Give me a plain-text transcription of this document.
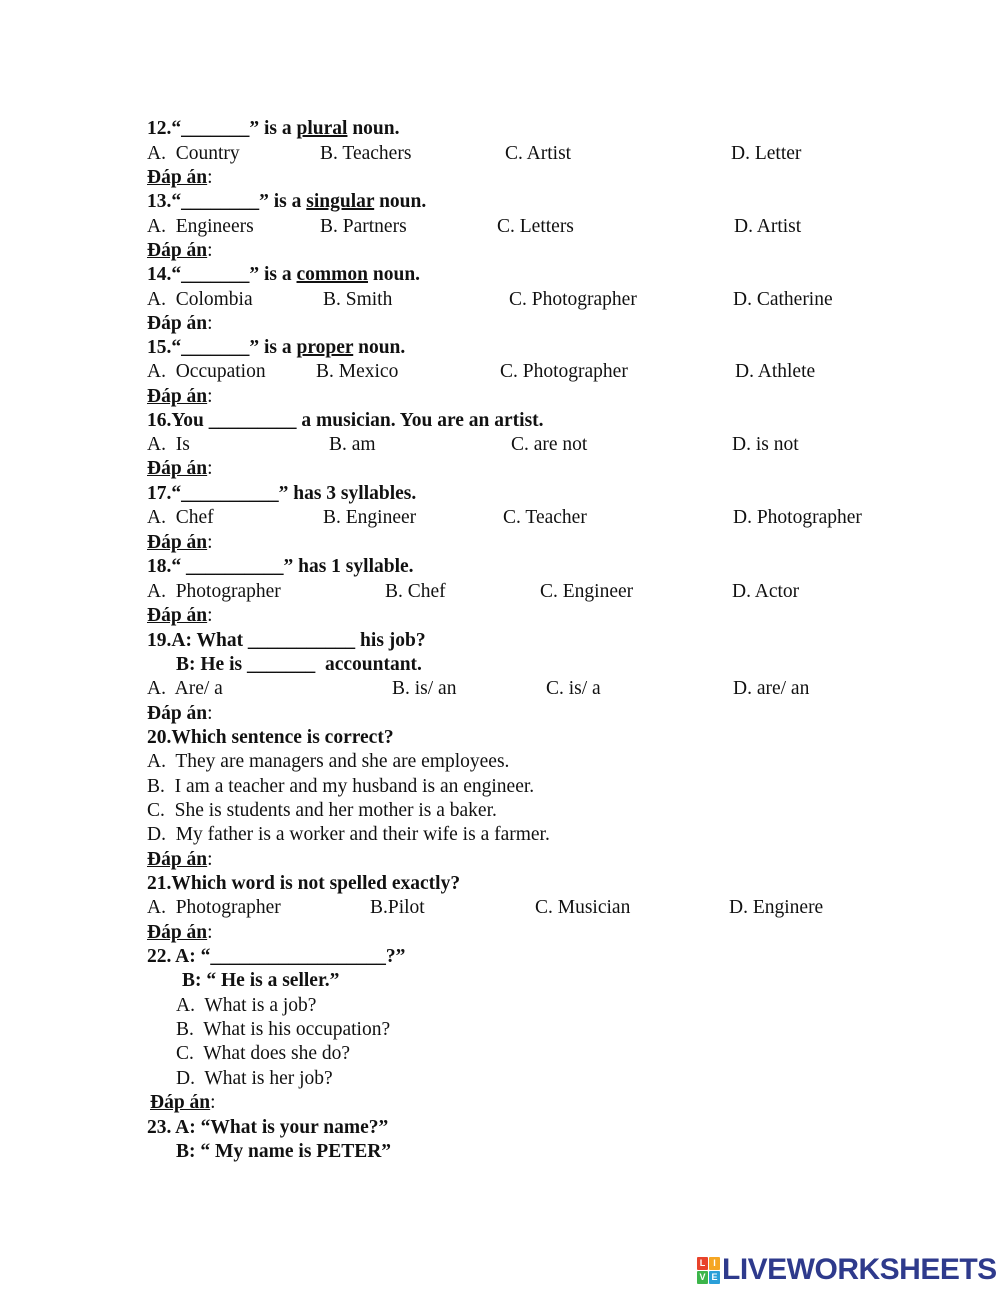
12.“_______” is a plural noun.
A.  Country	B. Teachers	C. Artist	D. Letter
Đáp án:
13.“________” is a singular noun.
A.  Engineers	B. Partners	C. Letters	D. Artist
Đáp án:
14.“_______” is a common noun.
A.  Colombia	B. Smith	C. Photographer	D. Catherine
Đáp án:
15.“_______” is a proper noun.
A.  Occupation	B. Mexico	C. Photographer	D. Athlete
Đáp án:
16.You _________ a musician. You are an artist.
A.  Is	B. am	C. are not	D. is not
Đáp án:
17.“__________” has 3 syllables.
A.  Chef	B. Engineer	C. Teacher	D. Photographer
Đáp án:
18.“ __________” has 1 syllable.
A.  Photographer	B. Chef	C. Engineer	D. Actor
Đáp án:
19.A: What ___________ his job?
B: He is _______  accountant.
A.  Are/ a	B. is/ an	C. is/ a	D. are/ an
Đáp án:
20.Which sentence is correct?
A.  They are managers and she are employees.
B.  I am a teacher and my husband is an engineer.
C.  She is students and her mother is a baker.
D.  My father is a worker and their wife is a farmer.
Đáp án:
21.Which word is not spelled exactly?
A.  Photographer	B.Pilot	C. Musician	D. Enginere
Đáp án:
22. A: “__________________?”
B: “ He is a seller.”
A.  What is a job?
B.  What is his occupation?
C.  What does she do?
D.  What is her job?
Đáp án:
23. A: “What is your name?”
B: “ My name is PETER”
L I
V E LIVEWORKSHEETS
